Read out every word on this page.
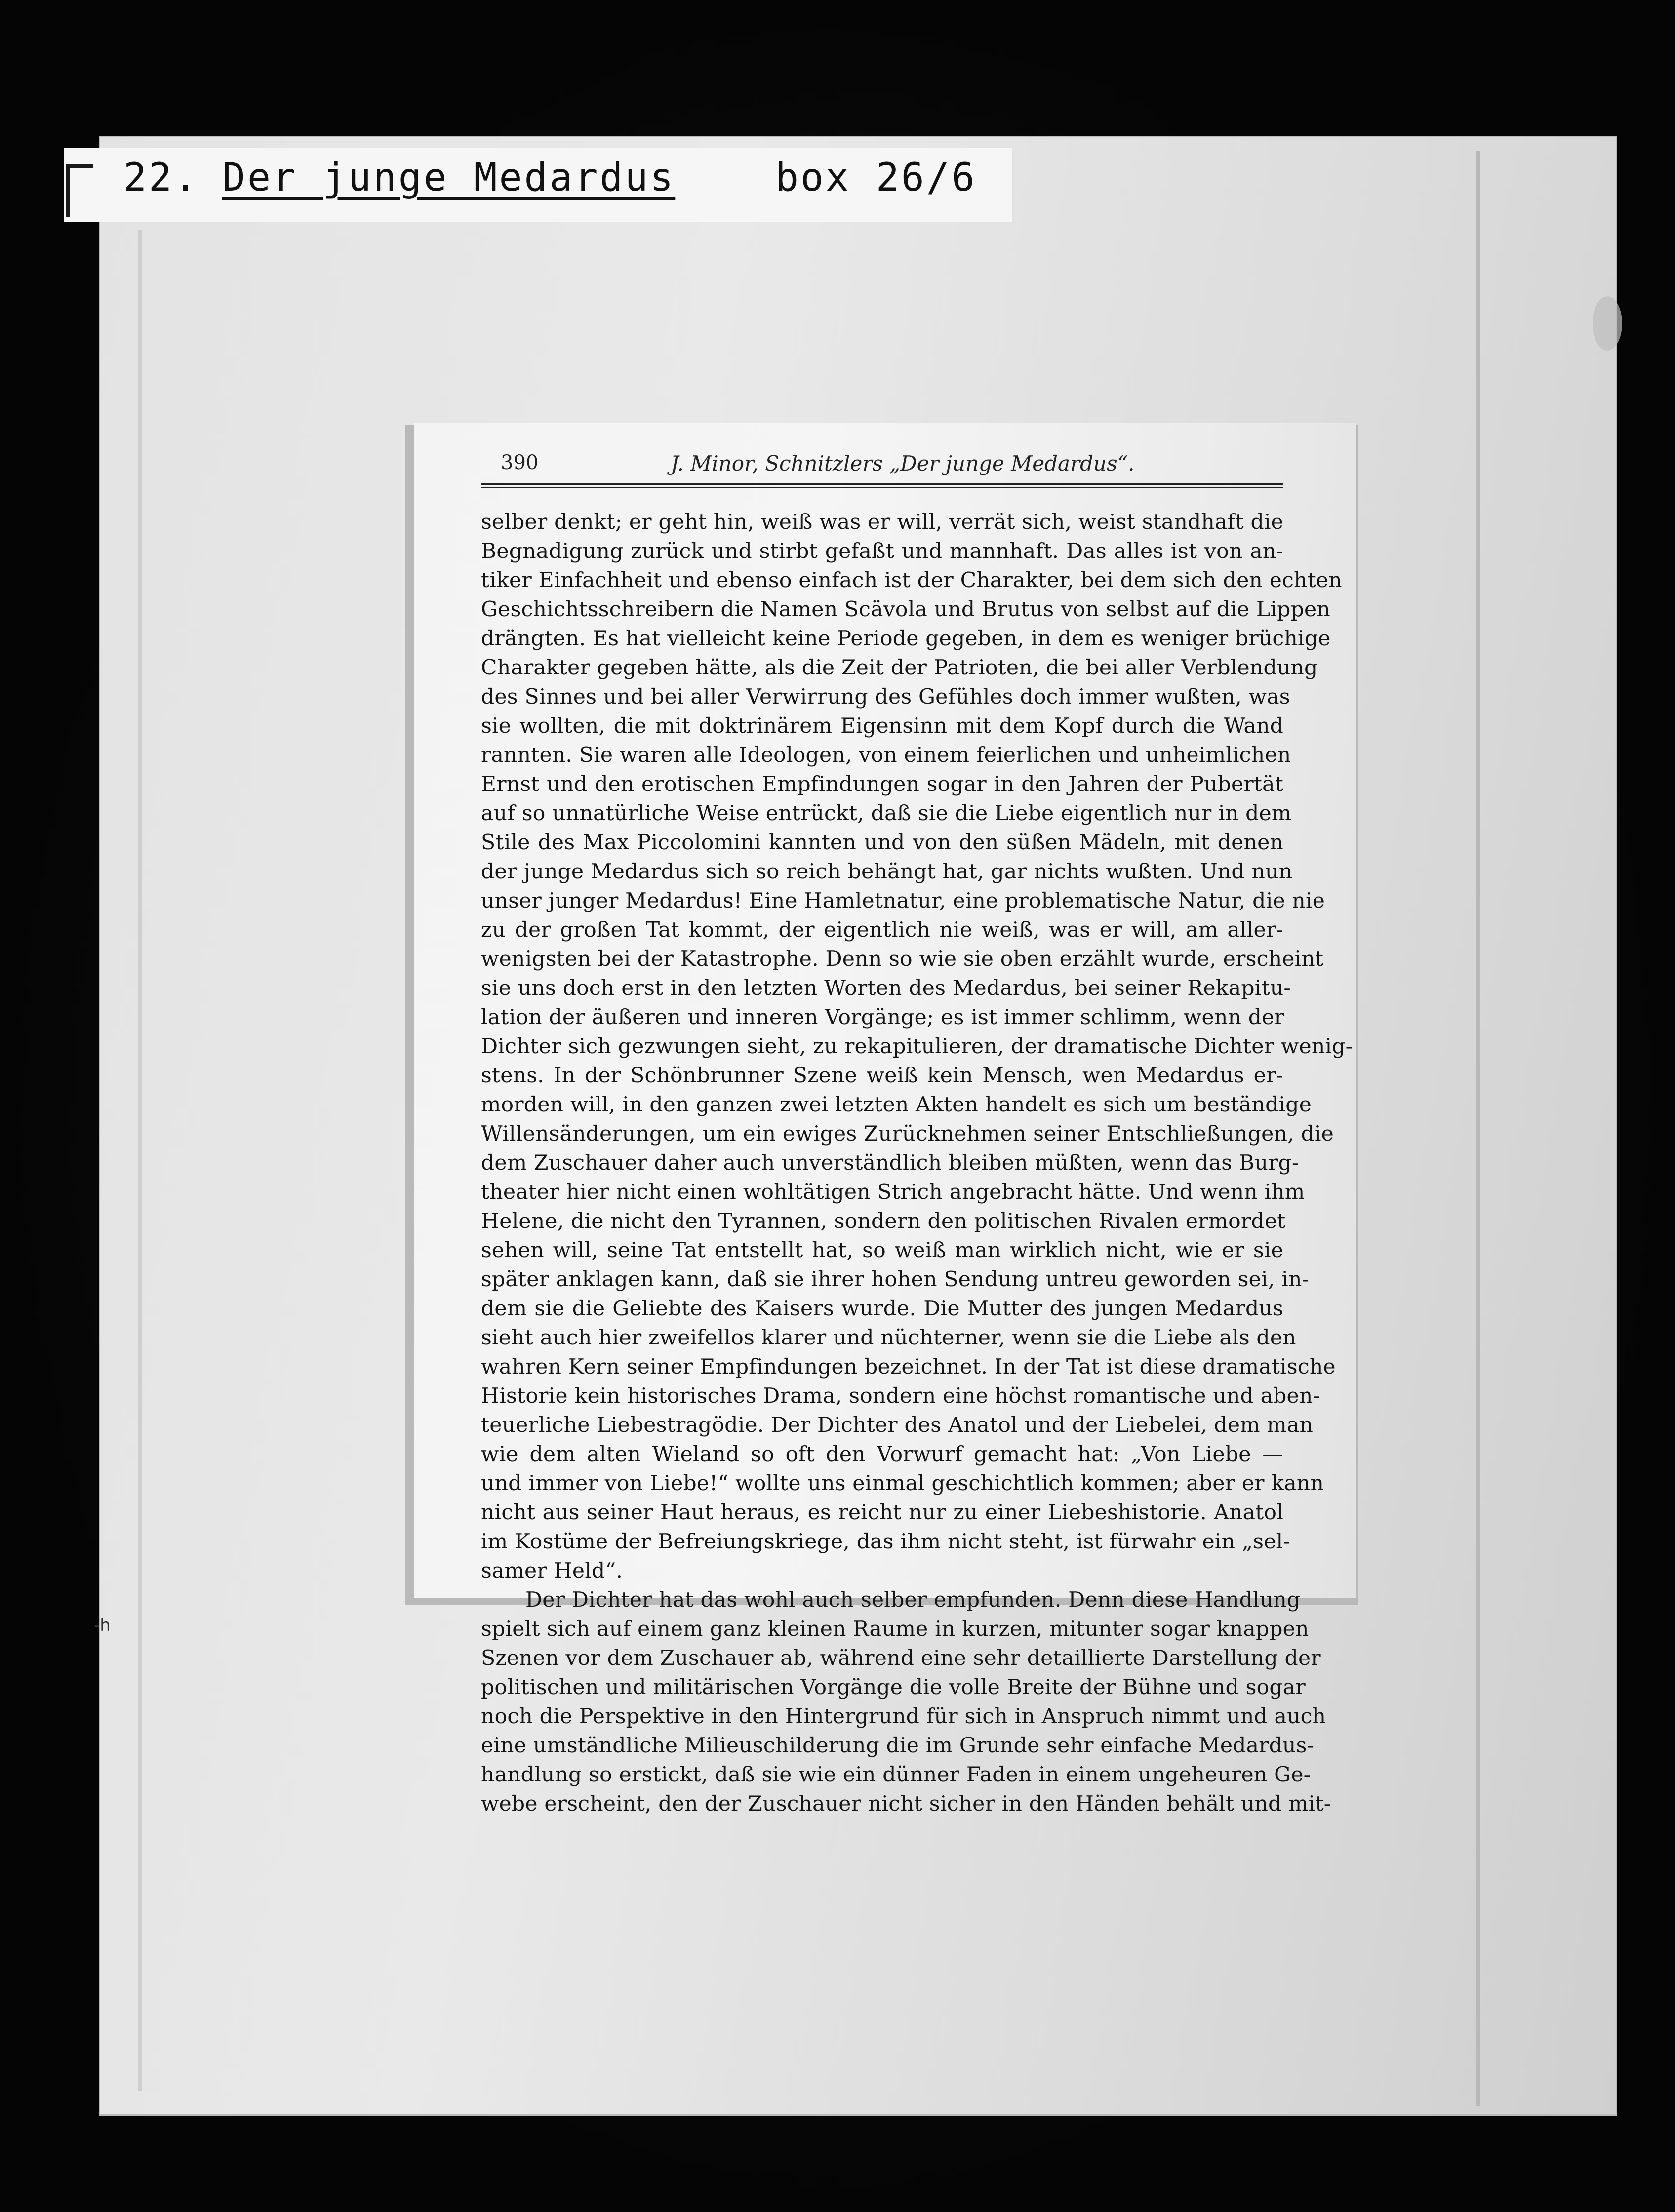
22. Der junge Medardus	box 26/6
-h
390	J. Minor, Schnitzlers „Der junge Medardus“.
selber denkt; er geht hin, weiß was er will, verrät sich, weist standhaft die
Begnadigung zurück und stirbt gefaßt und mannhaft. Das alles ist von an-
tiker Einfachheit und ebenso einfach ist der Charakter, bei dem sich den echten
Geschichtsschreibern die Namen Scävola und Brutus von selbst auf die Lippen
drängten. Es hat vielleicht keine Periode gegeben, in dem es weniger brüchige
Charakter gegeben hätte, als die Zeit der Patrioten, die bei aller Verblendung
des Sinnes und bei aller Verwirrung des Gefühles doch immer wußten, was
sie wollten, die mit doktrinärem Eigensinn mit dem Kopf durch die Wand
rannten. Sie waren alle Ideologen, von einem feierlichen und unheimlichen
Ernst und den erotischen Empfindungen sogar in den Jahren der Pubertät
auf so unnatürliche Weise entrückt, daß sie die Liebe eigentlich nur in dem
Stile des Max Piccolomini kannten und von den süßen Mädeln, mit denen
der junge Medardus sich so reich behängt hat, gar nichts wußten. Und nun
unser junger Medardus! Eine Hamletnatur, eine problematische Natur, die nie
zu der großen Tat kommt, der eigentlich nie weiß, was er will, am aller-
wenigsten bei der Katastrophe. Denn so wie sie oben erzählt wurde, erscheint
sie uns doch erst in den letzten Worten des Medardus, bei seiner Rekapitu-
lation der äußeren und inneren Vorgänge; es ist immer schlimm, wenn der
Dichter sich gezwungen sieht, zu rekapitulieren, der dramatische Dichter wenig-
stens. In der Schönbrunner Szene weiß kein Mensch, wen Medardus er-
morden will, in den ganzen zwei letzten Akten handelt es sich um beständige
Willensänderungen, um ein ewiges Zurücknehmen seiner Entschließungen, die
dem Zuschauer daher auch unverständlich bleiben müßten, wenn das Burg-
theater hier nicht einen wohltätigen Strich angebracht hätte. Und wenn ihm
Helene, die nicht den Tyrannen, sondern den politischen Rivalen ermordet
sehen will, seine Tat entstellt hat, so weiß man wirklich nicht, wie er sie
später anklagen kann, daß sie ihrer hohen Sendung untreu geworden sei, in-
dem sie die Geliebte des Kaisers wurde. Die Mutter des jungen Medardus
sieht auch hier zweifellos klarer und nüchterner, wenn sie die Liebe als den
wahren Kern seiner Empfindungen bezeichnet. In der Tat ist diese dramatische
Historie kein historisches Drama, sondern eine höchst romantische und aben-
teuerliche Liebestragödie. Der Dichter des Anatol und der Liebelei, dem man
wie dem alten Wieland so oft den Vorwurf gemacht hat: „Von Liebe —
und immer von Liebe!“ wollte uns einmal geschichtlich kommen; aber er kann
nicht aus seiner Haut heraus, es reicht nur zu einer Liebeshistorie. Anatol
im Kostüme der Befreiungskriege, das ihm nicht steht, ist fürwahr ein „sel-
samer Held“.
Der Dichter hat das wohl auch selber empfunden. Denn diese Handlung
spielt sich auf einem ganz kleinen Raume in kurzen, mitunter sogar knappen
Szenen vor dem Zuschauer ab, während eine sehr detaillierte Darstellung der
politischen und militärischen Vorgänge die volle Breite der Bühne und sogar
noch die Perspektive in den Hintergrund für sich in Anspruch nimmt und auch
eine umständliche Milieuschilderung die im Grunde sehr einfache Medardus-
handlung so erstickt, daß sie wie ein dünner Faden in einem ungeheuren Ge-
webe erscheint, den der Zuschauer nicht sicher in den Händen behält und mit-
